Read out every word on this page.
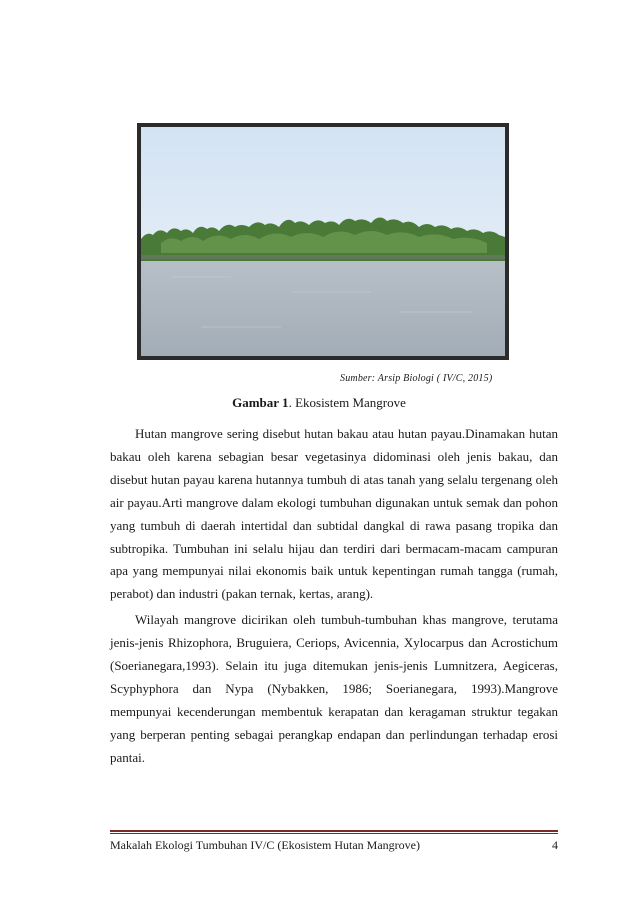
Sumber: Arsip Biologi ( IV/C, 2015)
Gambar 1. Ekosistem Mangrove

Hutan mangrove sering disebut hutan bakau atau hutan payau.Dinamakan hutan bakau oleh karena sebagian besar vegetasinya didominasi oleh jenis bakau, dan disebut hutan payau karena hutannya tumbuh di atas tanah yang selalu tergenang oleh air payau.Arti mangrove dalam ekologi tumbuhan digunakan untuk semak dan pohon yang tumbuh di daerah intertidal dan subtidal dangkal di rawa pasang tropika dan subtropika. Tumbuhan ini selalu hijau dan terdiri dari bermacam-macam campuran apa yang mempunyai nilai ekonomis baik untuk kepentingan rumah tangga (rumah, perabot) dan industri (pakan ternak, kertas, arang).

Wilayah mangrove dicirikan oleh tumbuh-tumbuhan khas mangrove, terutama jenis-jenis Rhizophora, Bruguiera, Ceriops, Avicennia, Xylocarpus dan Acrostichum (Soerianegara,1993). Selain itu juga ditemukan jenis-jenis Lumnitzera, Aegiceras, Scyphyphora dan Nypa (Nybakken, 1986; Soerianegara, 1993).Mangrove mempunyai kecenderungan membentuk kerapatan dan keragaman struktur tegakan yang berperan penting sebagai perangkap endapan dan perlindungan terhadap erosi pantai.

Makalah Ekologi Tumbuhan IV/C (Ekosistem Hutan Mangrove)	4
